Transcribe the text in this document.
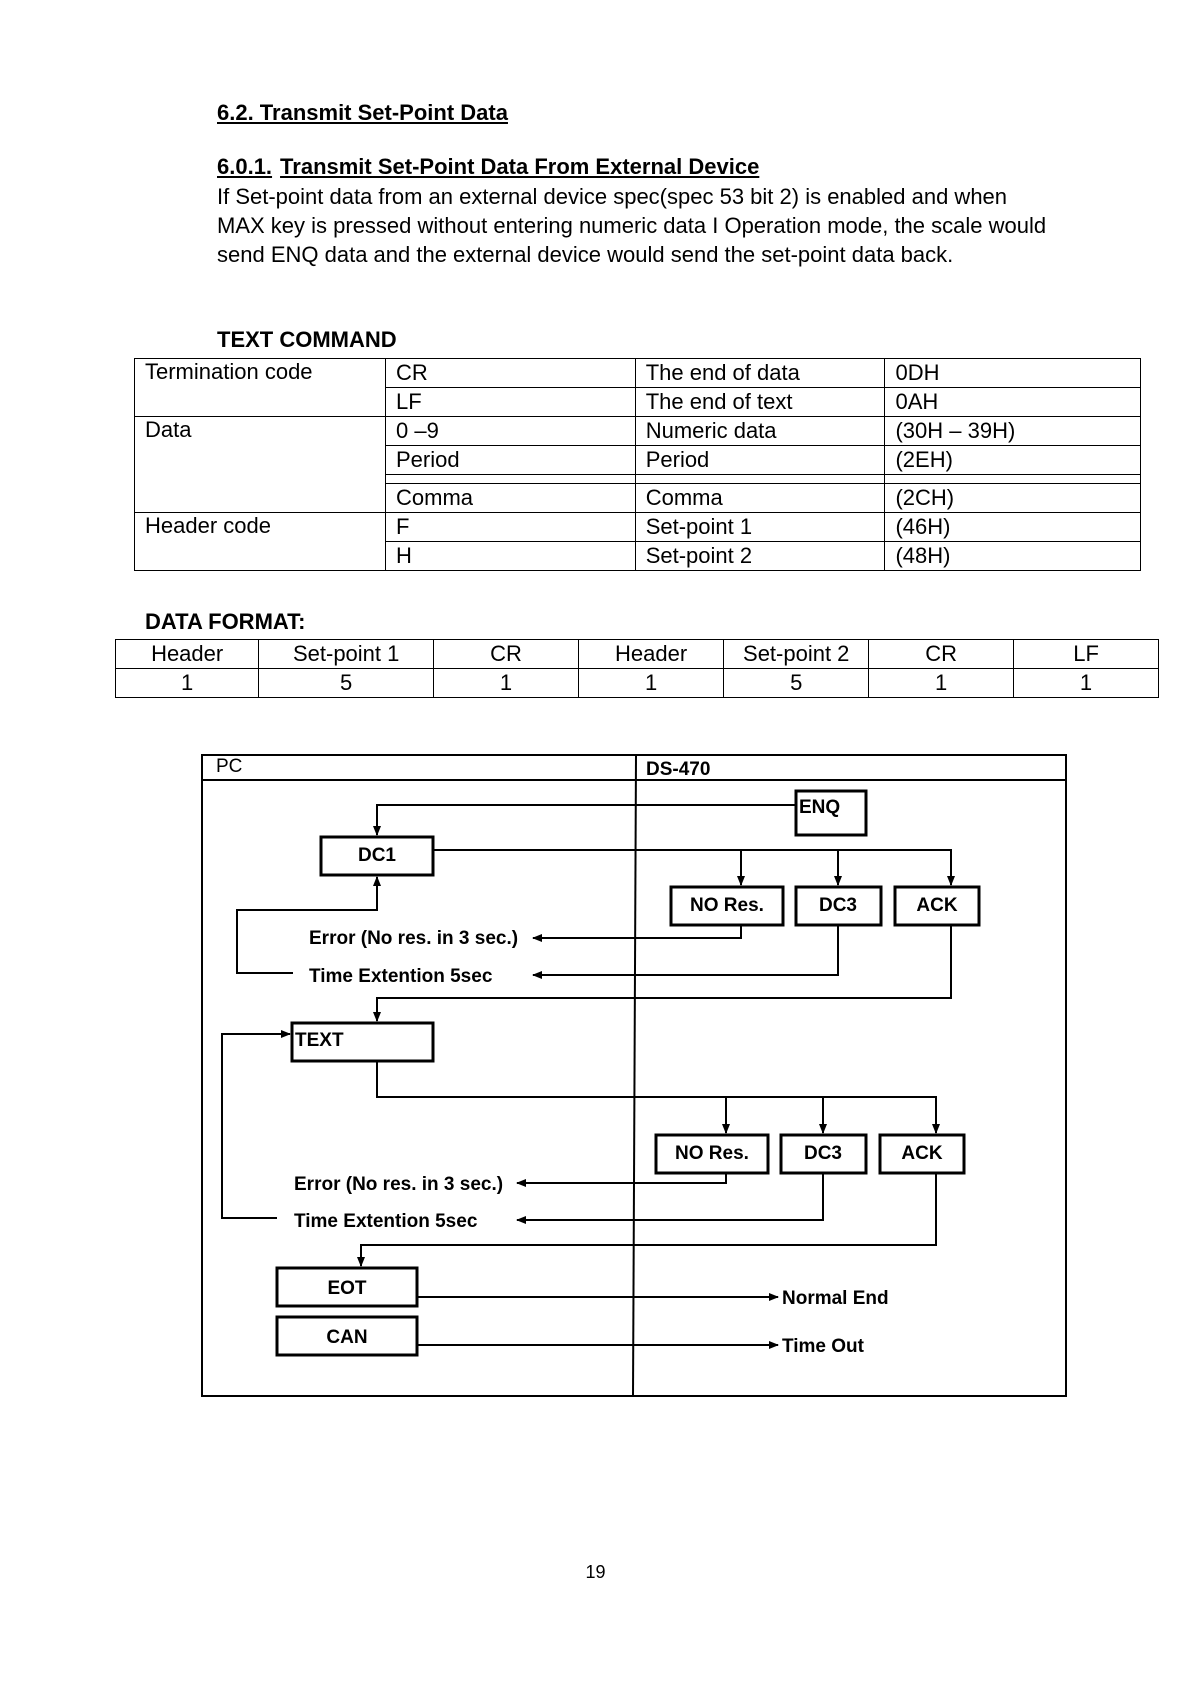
6.2. Transmit Set-Point Data
6.0.1. Transmit Set-Point Data From External Device

If Set-point data from an external device spec(spec 53 bit 2) is enabled and when

MAX key is pressed without entering numeric data I Operation mode, the scale would

send ENQ data and the external device would send the set-point data back.

TEXT COMMAND
Termination code	CR	The end of data	0DH
	LF	The end of text	0AH
Data	0 –9	Numeric data	(30H – 39H)
	Period	Period	(2EH)

	Comma	Comma	(2CH)
Header code	F	Set-point 1	(46H)
	H	Set-point 2	(48H)
DATA FORMAT:
Header	Set-point 1	CR	Header	Set-point 2	CR	LF
1	5	1	1	5	1	1
PC	DS-470
ENQ
DC1
NO Res.	DC3	ACK
Error (No res. in 3 sec.)
Time Extention 5sec
TEXT
NO Res.	DC3	ACK
Error (No res. in 3 sec.)
Time Extention 5sec
EOT
CAN
Normal End
Time Out
19
